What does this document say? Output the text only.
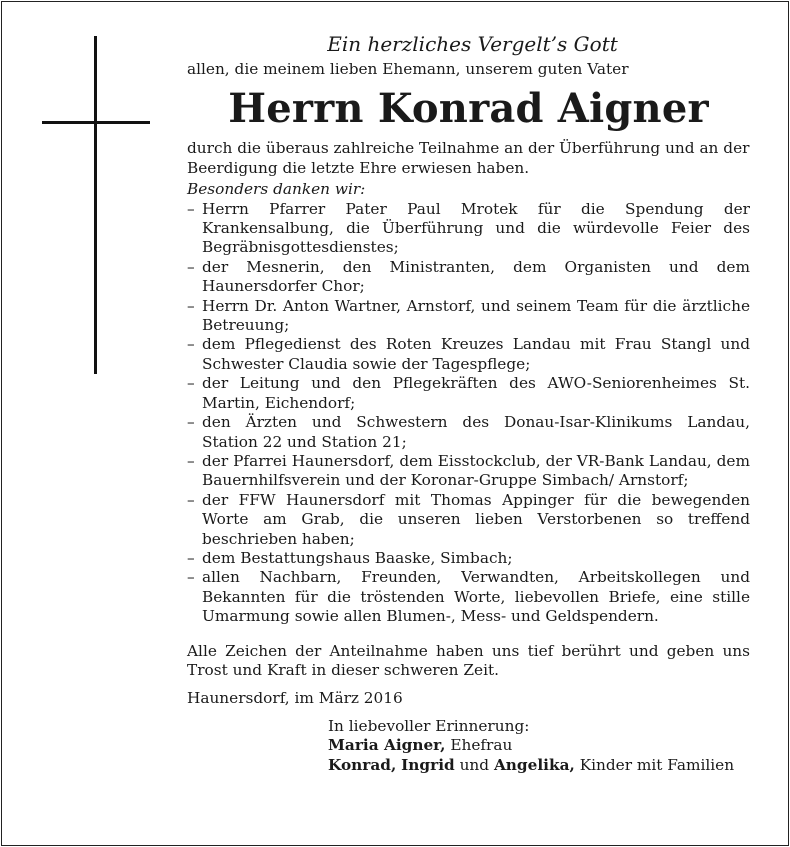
Ein herzliches Vergelt’s Gott
allen, die meinem lieben Ehemann, unserem guten Vater
Herrn Konrad Aigner
durch die überaus zahlreiche Teilnahme an der Überführung und an der Beerdigung die letzte Ehre erwiesen haben.
Besonders danken wir:
– Herrn Pfarrer Pater Paul Mrotek für die Spendung der Krankensalbung, die Überführung und die würdevolle Feier des Begräbnisgottesdienstes;
– der Mesnerin, den Ministranten, dem Organisten und dem Haunersdorfer Chor;
– Herrn Dr. Anton Wartner, Arnstorf, und seinem Team für die ärztliche Betreuung;
– dem Pflegedienst des Roten Kreuzes Landau mit Frau Stangl und Schwester Claudia sowie der Tagespflege;
– der Leitung und den Pflegekräften des AWO-Seniorenheimes St. Martin, Eichendorf;
– den Ärzten und Schwestern des Donau-Isar-Klinikums Landau, Station 22 und Station 21;
– der Pfarrei Haunersdorf, dem Eisstockclub, der VR-Bank Landau, dem Bauernhilfsverein und der Koronar-Gruppe Simbach/ Arnstorf;
– der FFW Haunersdorf mit Thomas Appinger für die bewegenden Worte am Grab, die unseren lieben Verstorbenen so treffend beschrieben haben;
– dem Bestattungshaus Baaske, Simbach;
– allen Nachbarn, Freunden, Verwandten, Arbeitskollegen und Bekannten für die tröstenden Worte, liebevollen Briefe, eine stille Umarmung sowie allen Blumen-, Mess- und Geldspendern.
Alle Zeichen der Anteilnahme haben uns tief berührt und geben uns Trost und Kraft in dieser schweren Zeit.
Haunersdorf, im März 2016
In liebevoller Erinnerung:
Maria Aigner, Ehefrau
Konrad, Ingrid und Angelika, Kinder mit Familien
